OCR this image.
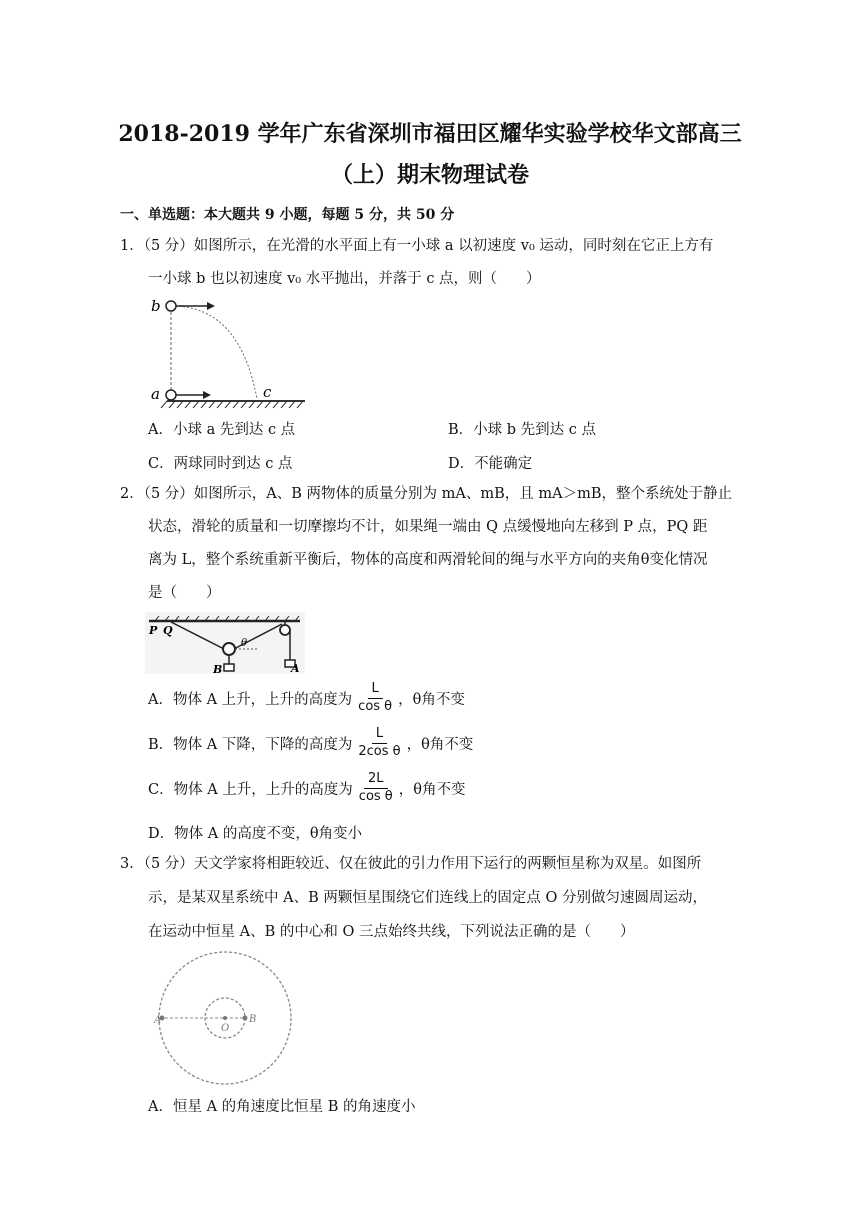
2018-2019 学年广东省深圳市福田区耀华实验学校华文部高三
（上）期末物理试卷
一、单选题：本大题共 9 小题，每题 5 分，共 50 分
1．（5 分）如图所示，在光滑的水平面上有一小球 a 以初速度 v₀ 运动，同时刻在它正上方有
一小球 b 也以初速度 v₀ 水平抛出，并落于 c 点，则（　　）
b
a	c
A．小球 a 先到达 c 点	B．小球 b 先到达 c 点
C．两球同时到达 c 点	D．不能确定
2．（5 分）如图所示，A、B 两物体的质量分别为 mA、mB，且 mA＞mB，整个系统处于静止
状态，滑轮的质量和一切摩擦均不计，如果绳一端由 Q 点缓慢地向左移到 P 点，PQ 距
离为 L，整个系统重新平衡后，物体的高度和两滑轮间的绳与水平方向的夹角θ变化情况
是（　　）
P Q
B	A
θ
A．物体 A 上升，上升的高度为 $\frac{L}{\text{cos θ}}$ ，θ角不变
B．物体 A 下降，下降的高度为 $\frac{L}{\text{2cos θ}}$ ，θ角不变
C．物体 A 上升，上升的高度为 $\frac{2L}{\text{cos θ}}$ ，θ角不变
D．物体 A 的高度不变，θ角变小
3．（5 分）天文学家将相距较近、仅在彼此的引力作用下运行的两颗恒星称为双星。如图所
示，是某双星系统中 A、B 两颗恒星围绕它们连线上的固定点 O 分别做匀速圆周运动，
在运动中恒星 A、B 的中心和 O 三点始终共线，下列说法正确的是（　　）
A
O
B
A．恒星 A 的角速度比恒星 B 的角速度小
